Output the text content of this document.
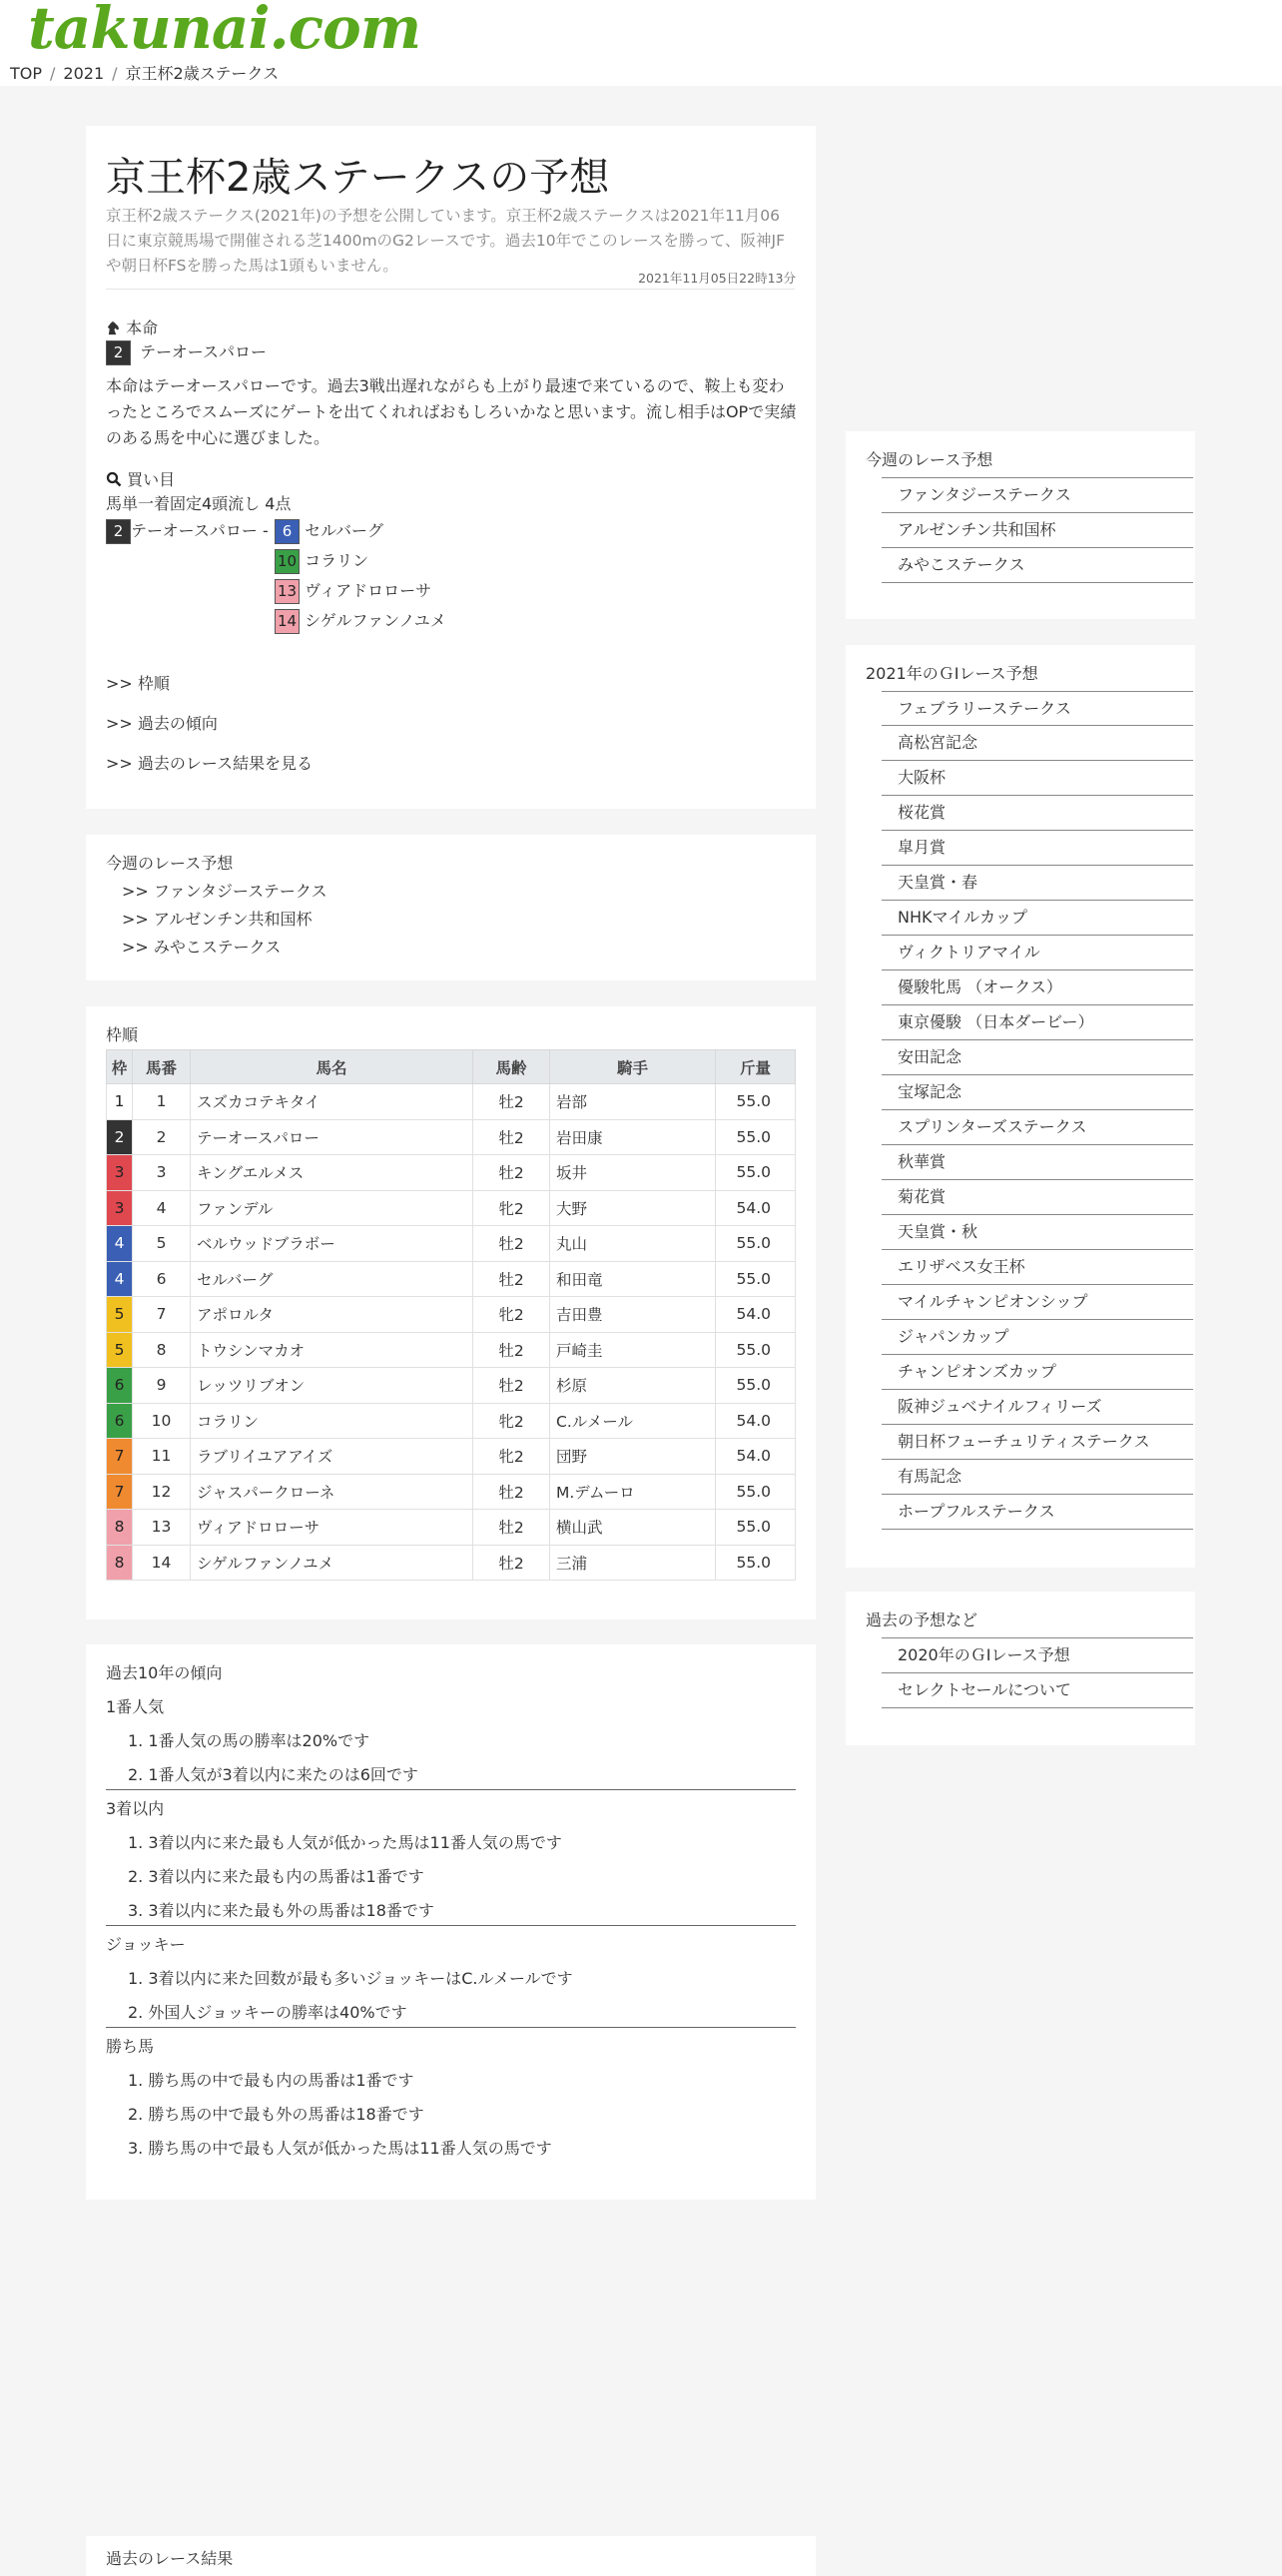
takunai.com
TOP / 2021 / 京王杯2歳ステークス
京王杯2歳ステークスの予想

京王杯2歳ステークス(2021年)の予想を公開しています。京王杯2歳ステークスは2021年11月06日に東京競馬場で開催される芝1400mのG2レースです。過去10年でこのレースを勝って、阪神JFや朝日杯FSを勝った馬は1頭もいません。

2021年11月05日22時13分
本命
2 テーオースパロー

本命はテーオースパローです。過去3戦出遅れながらも上がり最速で来ているので、鞍上も変わったところでスムーズにゲートを出てくれればおもしろいかなと思います。流し相手はOPで実績のある馬を中心に選びました。

買い目
馬単一着固定4頭流し 4点
2 テーオースパロー - 6 セルバーグ
10 コラリン
13 ヴィアドロローサ
14 シゲルファンノユメ
>> 枠順
>> 過去の傾向
>> 過去のレース結果を見る
今週のレース予想
>> ファンタジーステークス
>> アルゼンチン共和国杯
>> みやこステークス
枠順
枠	馬番	馬名	馬齢	騎手	斤量
1	1	スズカコテキタイ	牡2	岩部	55.0
2	2	テーオースパロー	牡2	岩田康	55.0
3	3	キングエルメス	牡2	坂井	55.0
3	4	ファンデル	牝2	大野	54.0
4	5	ベルウッドブラボー	牡2	丸山	55.0
4	6	セルバーグ	牡2	和田竜	55.0
5	7	アポロルタ	牝2	吉田豊	54.0
5	8	トウシンマカオ	牡2	戸崎圭	55.0
6	9	レッツリブオン	牡2	杉原	55.0
6	10	コラリン	牝2	C.ルメール	54.0
7	11	ラブリイユアアイズ	牝2	団野	54.0
7	12	ジャスパークローネ	牡2	M.デムーロ	55.0
8	13	ヴィアドロローサ	牡2	横山武	55.0
8	14	シゲルファンノユメ	牡2	三浦	55.0
過去10年の傾向
1番人気
1. 1番人気の馬の勝率は20%です
2. 1番人気が3着以内に来たのは6回です
3着以内
1. 3着以内に来た最も人気が低かった馬は11番人気の馬です
2. 3着以内に来た最も内の馬番は1番です
3. 3着以内に来た最も外の馬番は18番です
ジョッキー
1. 3着以内に来た回数が最も多いジョッキーはC.ルメールです
2. 外国人ジョッキーの勝率は40%です
勝ち馬
1. 勝ち馬の中で最も内の馬番は1番です
2. 勝ち馬の中で最も外の馬番は18番です
3. 勝ち馬の中で最も人気が低かった馬は11番人気の馬です
過去のレース結果
今週のレース予想
ファンタジーステークス
アルゼンチン共和国杯
みやこステークス
2021年のＧⅠレース予想
フェブラリーステークス
高松宮記念
大阪杯
桜花賞
皐月賞
天皇賞・春
NHKマイルカップ
ヴィクトリアマイル
優駿牝馬 （オークス）
東京優駿 （日本ダービー）
安田記念
宝塚記念
スプリンターズステークス
秋華賞
菊花賞
天皇賞・秋
エリザベス女王杯
マイルチャンピオンシップ
ジャパンカップ
チャンピオンズカップ
阪神ジュベナイルフィリーズ
朝日杯フューチュリティステークス
有馬記念
ホープフルステークス
過去の予想など
2020年のＧⅠレース予想
セレクトセールについて
